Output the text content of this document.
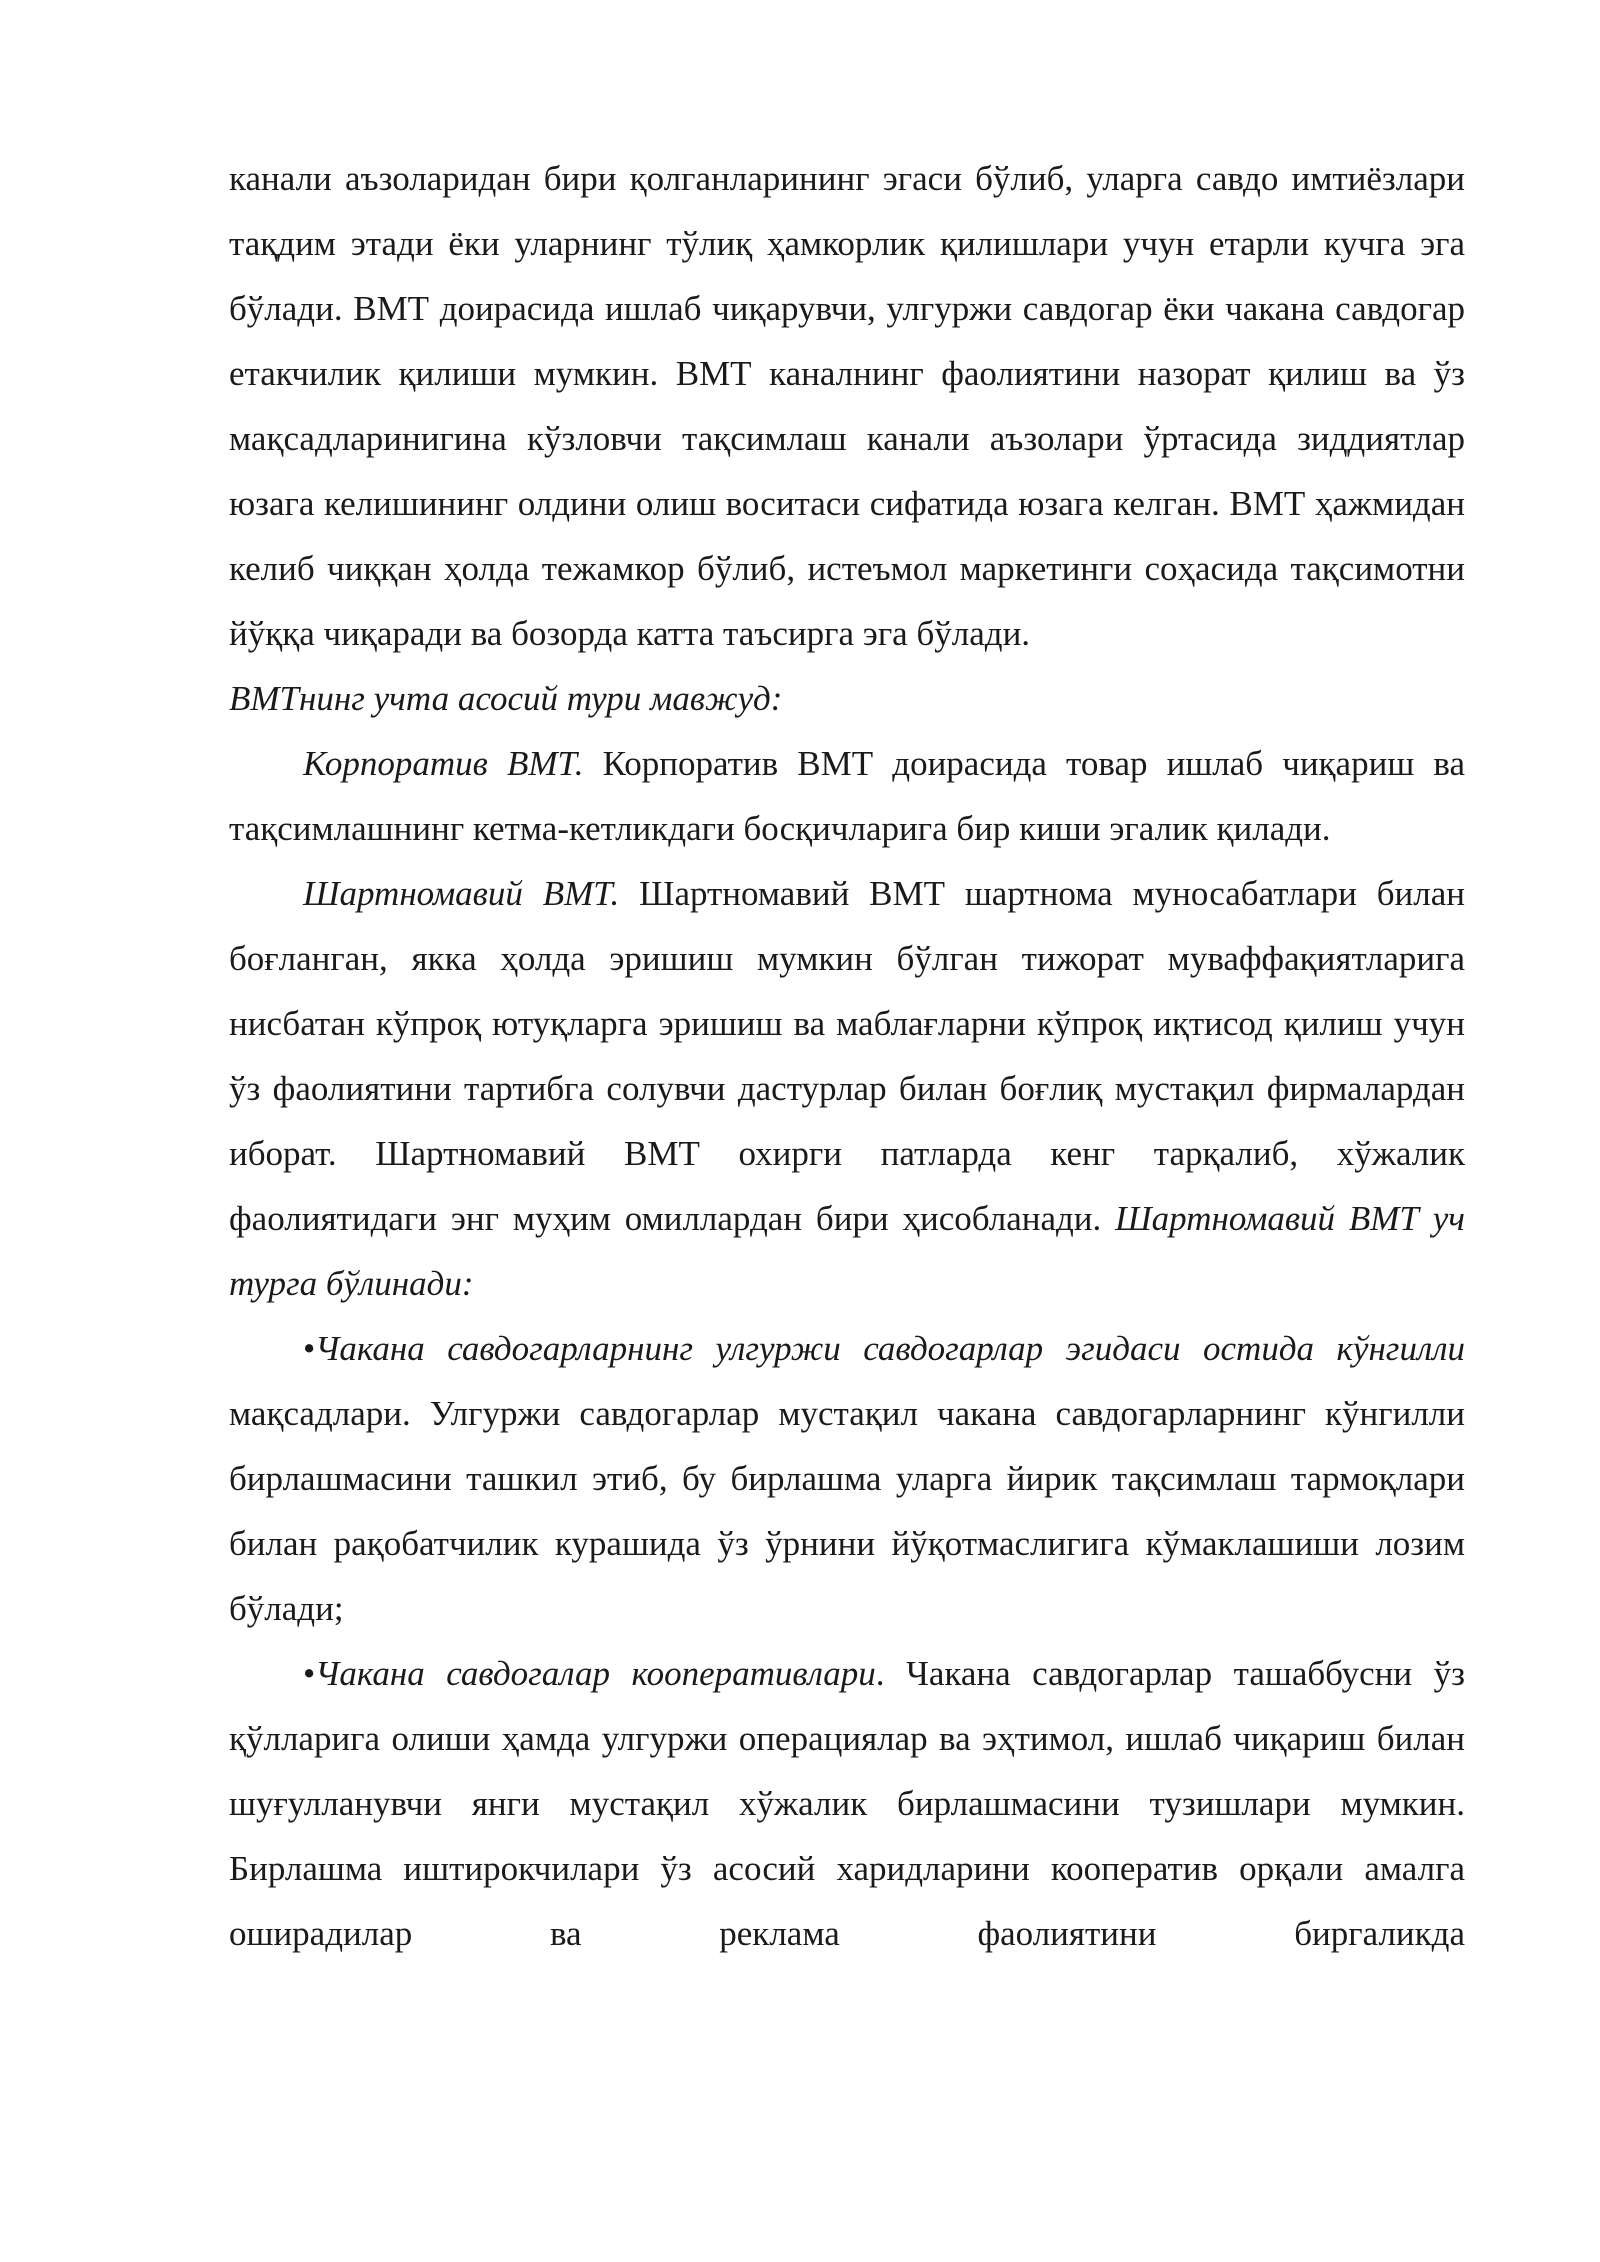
канали аъзоларидан бири қолганларининг эгаси бўлиб, уларга савдо имтиёзлари тақдим этади ёки уларнинг тўлиқ ҳамкорлик қилишлари учун етарли кучга эга бўлади. ВМТ доирасида ишлаб чиқарувчи, улгуржи савдогар ёки чакана савдогар етакчилик қилиши мумкин. ВМТ каналнинг фаолиятини назорат қилиш ва ўз мақсадларинигина кўзловчи тақсимлаш канали аъзолари ўртасида зиддиятлар юзага келишининг олдини олиш воситаси сифатида юзага келган. ВМТ ҳажмидан келиб чиққан ҳолда тежамкор бўлиб, истеъмол маркетинги соҳасида тақсимотни йўққа чиқаради ва бозорда катта таъсирга эга бўлади.

ВМТнинг учта асосий тури мавжуд:

Корпоратив ВМТ. Корпоратив ВМТ доирасида товар ишлаб чиқариш ва тақсимлашнинг кетма-кетликдаги босқичларига бир киши эгалик қилади.

Шартномавий ВМТ. Шартномавий ВМТ шартнома муносабатлари билан боғланган, якка ҳолда эришиш мумкин бўлган тижорат муваффақиятларига нисбатан кўпроқ ютуқларга эришиш ва маблағларни кўпроқ иқтисод қилиш учун ўз фаолиятини тартибга солувчи дастурлар билан боғлиқ мустақил фирмалардан иборат. Шартномавий ВМТ охирги патларда кенг тарқалиб, хўжалик фаолиятидаги энг муҳим омиллардан бири ҳисобланади. Шартномавий ВМТ уч турга бўлинади:

•Чакана савдогарларнинг улгуржи савдогарлар эгидаси остида кўнгилли мақсадлари. Улгуржи савдогарлар мустақил чакана савдогарларнинг кўнгилли бирлашмасини ташкил этиб, бу бирлашма уларга йирик тақсимлаш тармоқлари билан рақобатчилик курашида ўз ўрнини йўқотмаслигига кўмаклашиши лозим бўлади;

•Чакана савдогалар кооперативлари. Чакана савдогарлар ташаббусни ўз қўлларига олиши ҳамда улгуржи операциялар ва эҳтимол, ишлаб чиқариш билан шуғулланувчи янги мустақил хўжалик бирлашмасини тузишлари мумкин. Бирлашма иштирокчилари ўз асосий харидларини кооператив орқали амалга оширадилар ва реклама фаолиятини биргаликда
